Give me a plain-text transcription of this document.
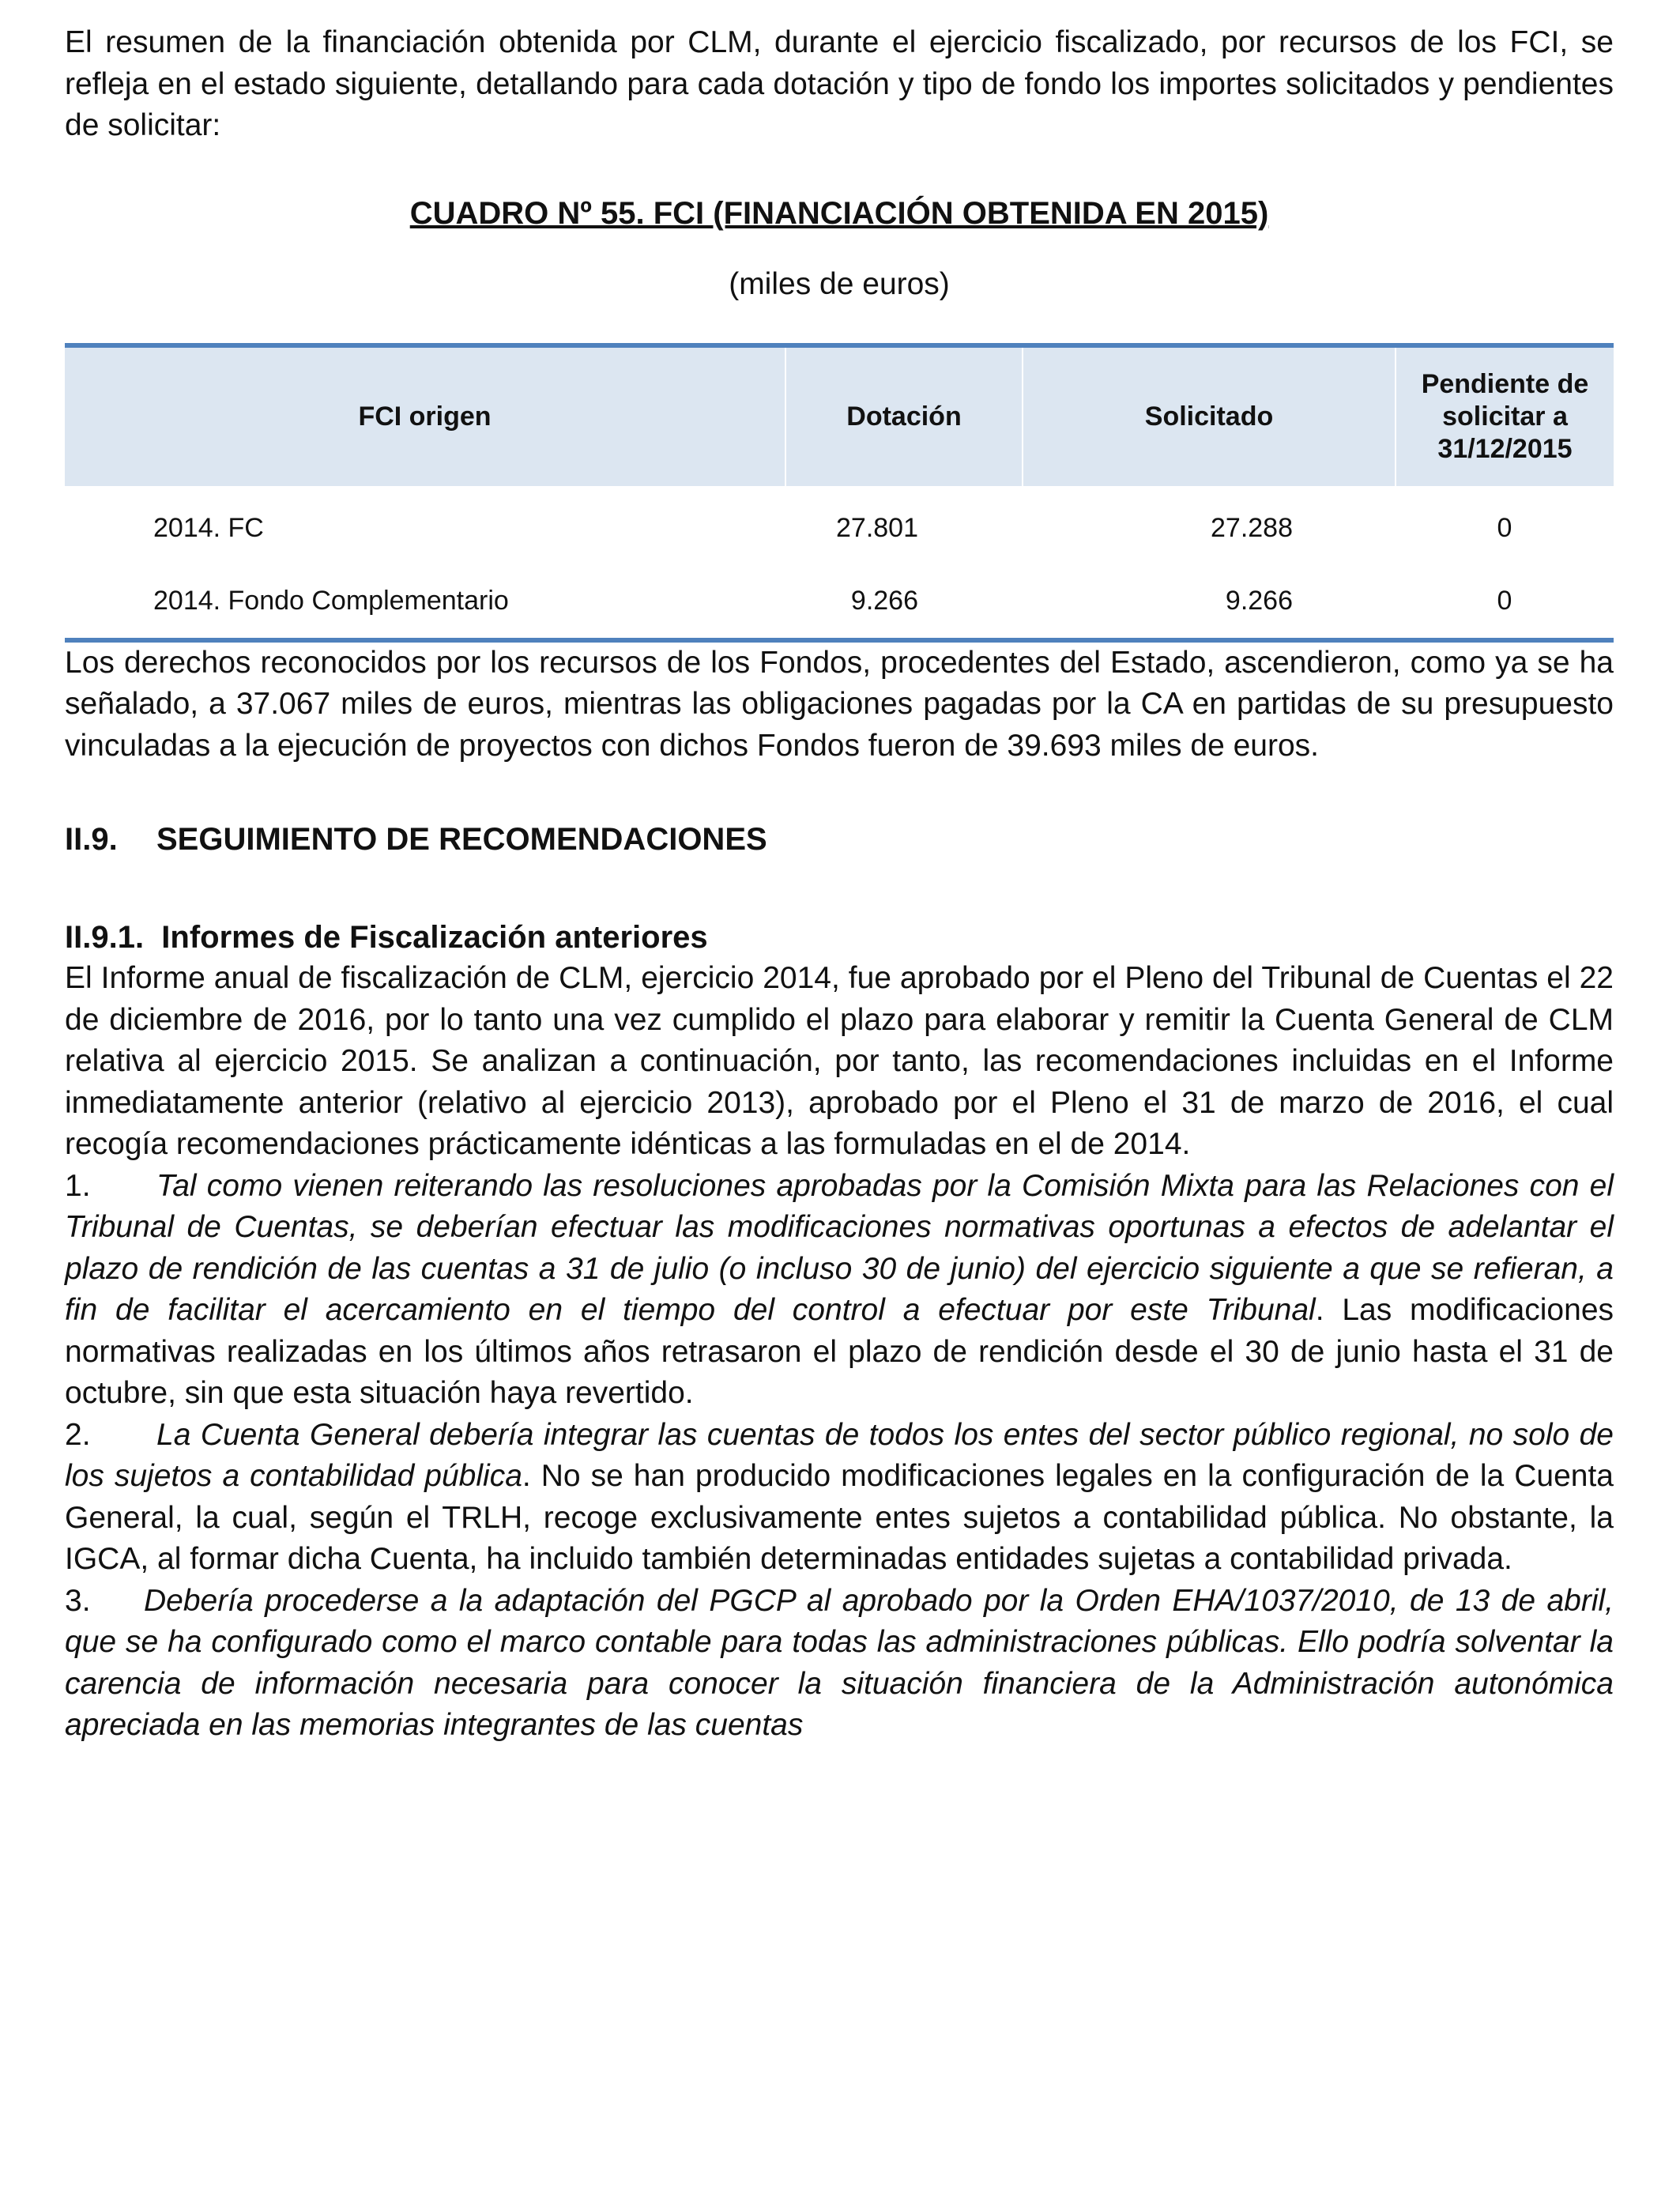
El resumen de la financiación obtenida por CLM, durante el ejercicio fiscalizado, por recursos de los FCI, se refleja en el estado siguiente, detallando para cada dotación y tipo de fondo los importes solicitados y pendientes de solicitar:

CUADRO Nº 55. FCI (FINANCIACIÓN OBTENIDA EN 2015)
(miles de euros)
FCI origen	Dotación	Solicitado	Pendiente de solicitar a 31/12/2015
2014. FC	27.801	27.288	0
2014. Fondo Complementario	9.266	9.266	0

Los derechos reconocidos por los recursos de los Fondos, procedentes del Estado, ascendieron, como ya se ha señalado, a 37.067 miles de euros, mientras las obligaciones pagadas por la CA en partidas de su presupuesto vinculadas a la ejecución de proyectos con dichos Fondos fueron de 39.693 miles de euros.

II.9. SEGUIMIENTO DE RECOMENDACIONES
II.9.1. Informes de Fiscalización anteriores

El Informe anual de fiscalización de CLM, ejercicio 2014, fue aprobado por el Pleno del Tribunal de Cuentas el 22 de diciembre de 2016, por lo tanto una vez cumplido el plazo para elaborar y remitir la Cuenta General de CLM relativa al ejercicio 2015. Se analizan a continuación, por tanto, las recomendaciones incluidas en el Informe inmediatamente anterior (relativo al ejercicio 2013), aprobado por el Pleno el 31 de marzo de 2016, el cual recogía recomendaciones prácticamente idénticas a las formuladas en el de 2014.

1. Tal como vienen reiterando las resoluciones aprobadas por la Comisión Mixta para las Relaciones con el Tribunal de Cuentas, se deberían efectuar las modificaciones normativas oportunas a efectos de adelantar el plazo de rendición de las cuentas a 31 de julio (o incluso 30 de junio) del ejercicio siguiente a que se refieran, a fin de facilitar el acercamiento en el tiempo del control a efectuar por este Tribunal. Las modificaciones normativas realizadas en los últimos años retrasaron el plazo de rendición desde el 30 de junio hasta el 31 de octubre, sin que esta situación haya revertido.

2. La Cuenta General debería integrar las cuentas de todos los entes del sector público regional, no solo de los sujetos a contabilidad pública. No se han producido modificaciones legales en la configuración de la Cuenta General, la cual, según el TRLH, recoge exclusivamente entes sujetos a contabilidad pública. No obstante, la IGCA, al formar dicha Cuenta, ha incluido también determinadas entidades sujetas a contabilidad privada.

3. Debería procederse a la adaptación del PGCP al aprobado por la Orden EHA/1037/2010, de 13 de abril, que se ha configurado como el marco contable para todas las administraciones públicas. Ello podría solventar la carencia de información necesaria para conocer la situación financiera de la Administración autonómica apreciada en las memorias integrantes de las cuentas
